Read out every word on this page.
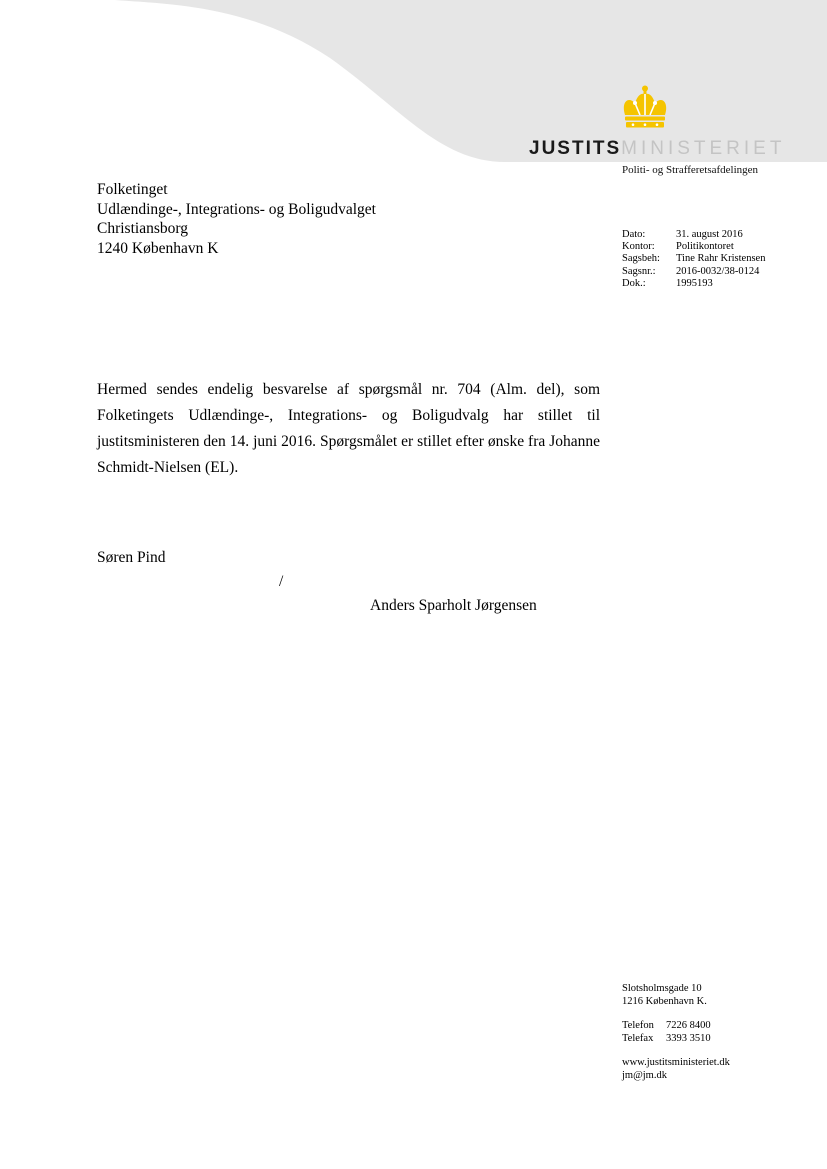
JUSTITSMINISTERIET
Politi- og Strafferetsafdelingen
Folketinget
Udlændinge-, Integrations- og Boligudvalget
Christiansborg
1240 København K
Dato:	31. august 2016
Kontor:	Politikontoret
Sagsbeh:	Tine Rahr Kristensen
Sagsnr.:	2016-0032/38-0124
Dok.:	1995193

Hermed sendes endelig besvarelse af spørgsmål nr. 704 (Alm. del), som Folketingets Udlændinge-, Integrations- og Boligudvalg har stillet til justitsministeren den 14. juni 2016. Spørgsmålet er stillet efter ønske fra Johanne Schmidt-Nielsen (EL).

Søren Pind
/
Anders Sparholt Jørgensen
Slotsholmsgade 10
1216 København K.
Telefon 7226 8400
Telefax 3393 3510
www.justitsministeriet.dk
jm@jm.dk
